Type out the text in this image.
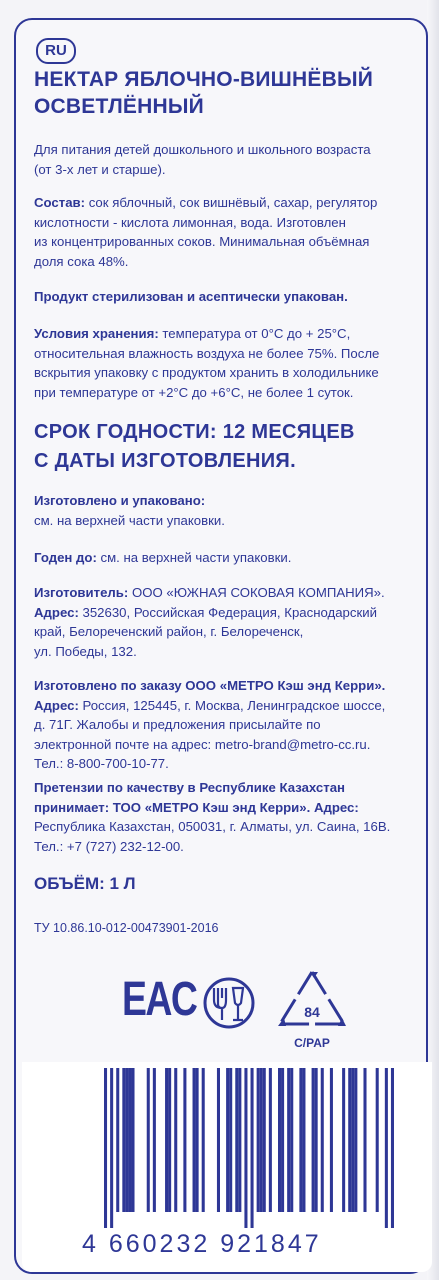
RU
НЕКТАР ЯБЛОЧНО-ВИШНЁВЫЙ
ОСВЕТЛЁННЫЙ
Для питания детей дошкольного и школьного возраста
(от 3-х лет и старше).
Состав: сок яблочный, сок вишнёвый, сахар, регулятор
кислотности - кислота лимонная, вода. Изготовлен
из концентрированных соков. Минимальная объёмная
доля сока 48%.
Продукт стерилизован и асептически упакован.
Условия хранения: температура от 0°С до + 25°С,
относительная влажность воздуха не более 75%. После
вскрытия упаковку с продуктом хранить в холодильнике
при температуре от +2°С до +6°С, не более 1 суток.
СРОК ГОДНОСТИ: 12 МЕСЯЦЕВ
С ДАТЫ ИЗГОТОВЛЕНИЯ.
Изготовлено и упаковано:
см. на верхней части упаковки.
Годен до: см. на верхней части упаковки.
Изготовитель: ООО «ЮЖНАЯ СОКОВАЯ КОМПАНИЯ».
Адрес: 352630, Российская Федерация, Краснодарский
край, Белореченский район, г. Белореченск,
ул. Победы, 132.
Изготовлено по заказу ООО «МЕТРО Кэш энд Керри».
Адрес: Россия, 125445, г. Москва, Ленинградское шоссе,
д. 71Г. Жалобы и предложения присылайте по
электронной почте на адрес: metro-brand@metro-cc.ru.
Тел.: 8-800-700-10-77.
Претензии по качеству в Республике Казахстан
принимает: ТОО «МЕТРО Кэш энд Керри». Адрес:
Республика Казахстан, 050031, г. Алматы, ул. Саина, 16В.
Тел.: +7 (727) 232-12-00.
ОБЪЁМ: 1 Л
ТУ 10.86.10-012-00473901-2016
EAC	84
C/PAP
4 660232 921847
